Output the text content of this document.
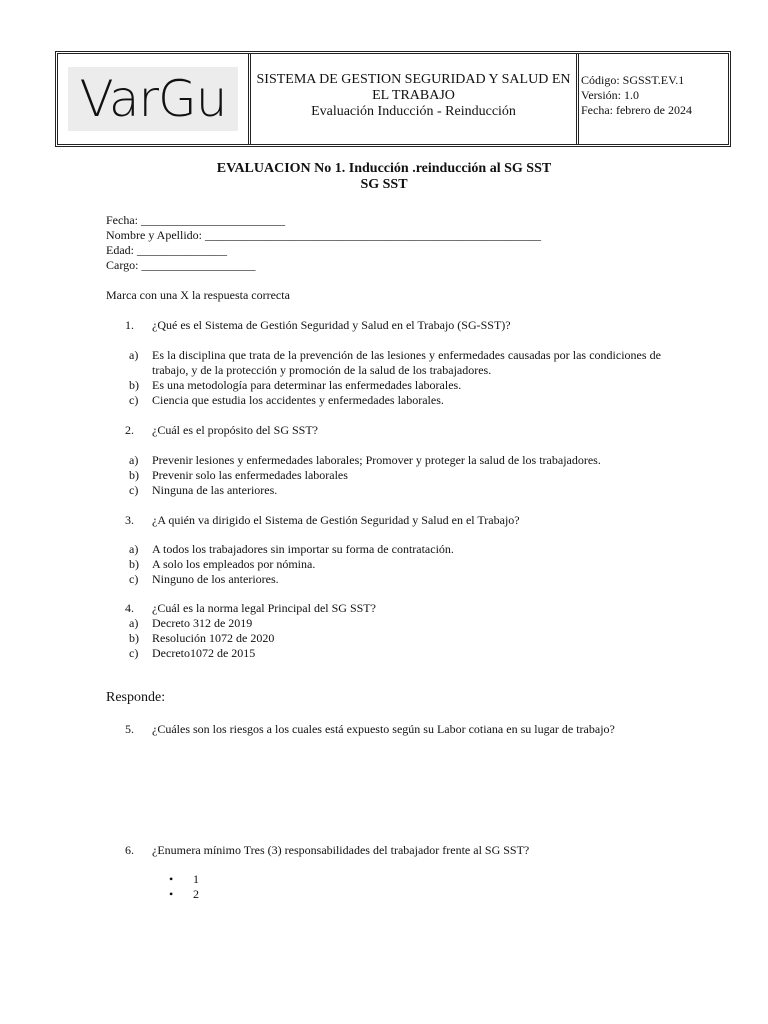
VarGu	SISTEMA DE GESTION SEGURIDAD Y SALUD EN
EL TRABAJO
Evaluación Inducción - Reinducción
Código: SGSST.EV.1
Versión: 1.0
Fecha: febrero de 2024
EVALUACION No 1. Inducción .reinducción al SG SST
SG SST
Fecha: ________________________
Nombre y Apellido: ________________________________________________________
Edad: _______________
Cargo: ___________________
Marca con una X la respuesta correcta
1. ¿Qué es el Sistema de Gestión Seguridad y Salud en el Trabajo (SG-SST)?
a) Es la disciplina que trata de la prevención de las lesiones y enfermedades causadas por las condiciones de trabajo, y de la protección y promoción de la salud de los trabajadores.
b) Es una metodología para determinar las enfermedades laborales.
c) Ciencia que estudia los accidentes y enfermedades laborales.
2. ¿Cuál es el propósito del SG SST?
a) Prevenir lesiones y enfermedades laborales; Promover y proteger la salud de los trabajadores.
b) Prevenir solo las enfermedades laborales
c) Ninguna de las anteriores.
3. ¿A quién va dirigido el Sistema de Gestión Seguridad y Salud en el Trabajo?
a) A todos los trabajadores sin importar su forma de contratación.
b) A solo los empleados por nómina.
c) Ninguno de los anteriores.
4. ¿Cuál es la norma legal Principal del SG SST?
a) Decreto 312 de 2019
b) Resolución 1072 de 2020
c) Decreto1072 de 2015
Responde:
5. ¿Cuáles son los riesgos a los cuales está expuesto según su Labor cotiana en su lugar de trabajo?
6. ¿Enumera mínimo Tres (3) responsabilidades del trabajador frente al SG SST?
• 1
• 2
